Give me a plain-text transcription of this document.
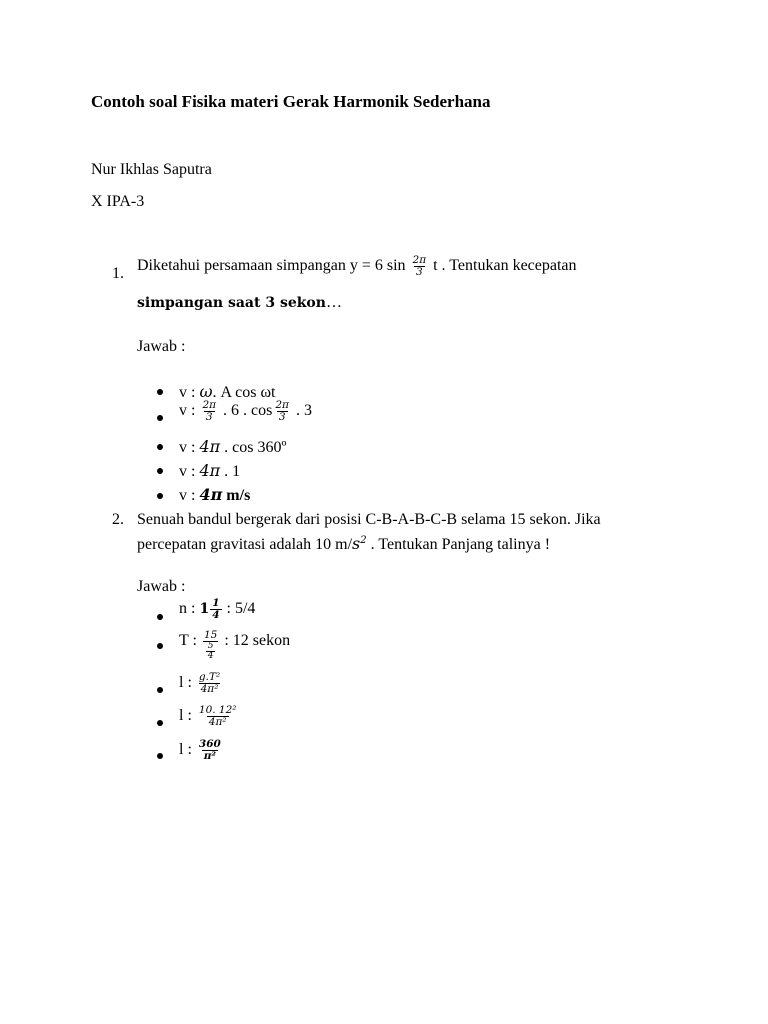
Contoh soal Fisika materi Gerak Harmonik Sederhana
Nur Ikhlas Saputra
X IPA-3
1. Diketahui persamaan simpangan y = 6 $\sin \frac{2\pi}{3}$ t . Tentukan kecepatan
simpangan saat 3 sekon…
Jawab :
v : ω. A cos ωt
v : $\frac{2\pi}{3}$ . 6 . $\cos \frac{2\pi}{3}$ . 3
v : 4π . cos 360º
v : 4π . 1
v : 4π m/s
2. Senuah bandul bergerak dari posisi C-B-A-B-C-B selama 15 sekon. Jika
percepatan gravitasi adalah 10 $m/s^2$ . Tentukan Panjang talinya !
Jawab :
n : $1 \frac{1}{4}$ : 5/4
T : $\frac{15}{\frac{5}{4}}$ : 12 sekon
l : $\frac{\text{g.T²}}{\text{4π²}}$
l : $\frac{\text{10. 12²}}{\text{4π²}}$
l : $\frac{360}{\text{π²}}$
